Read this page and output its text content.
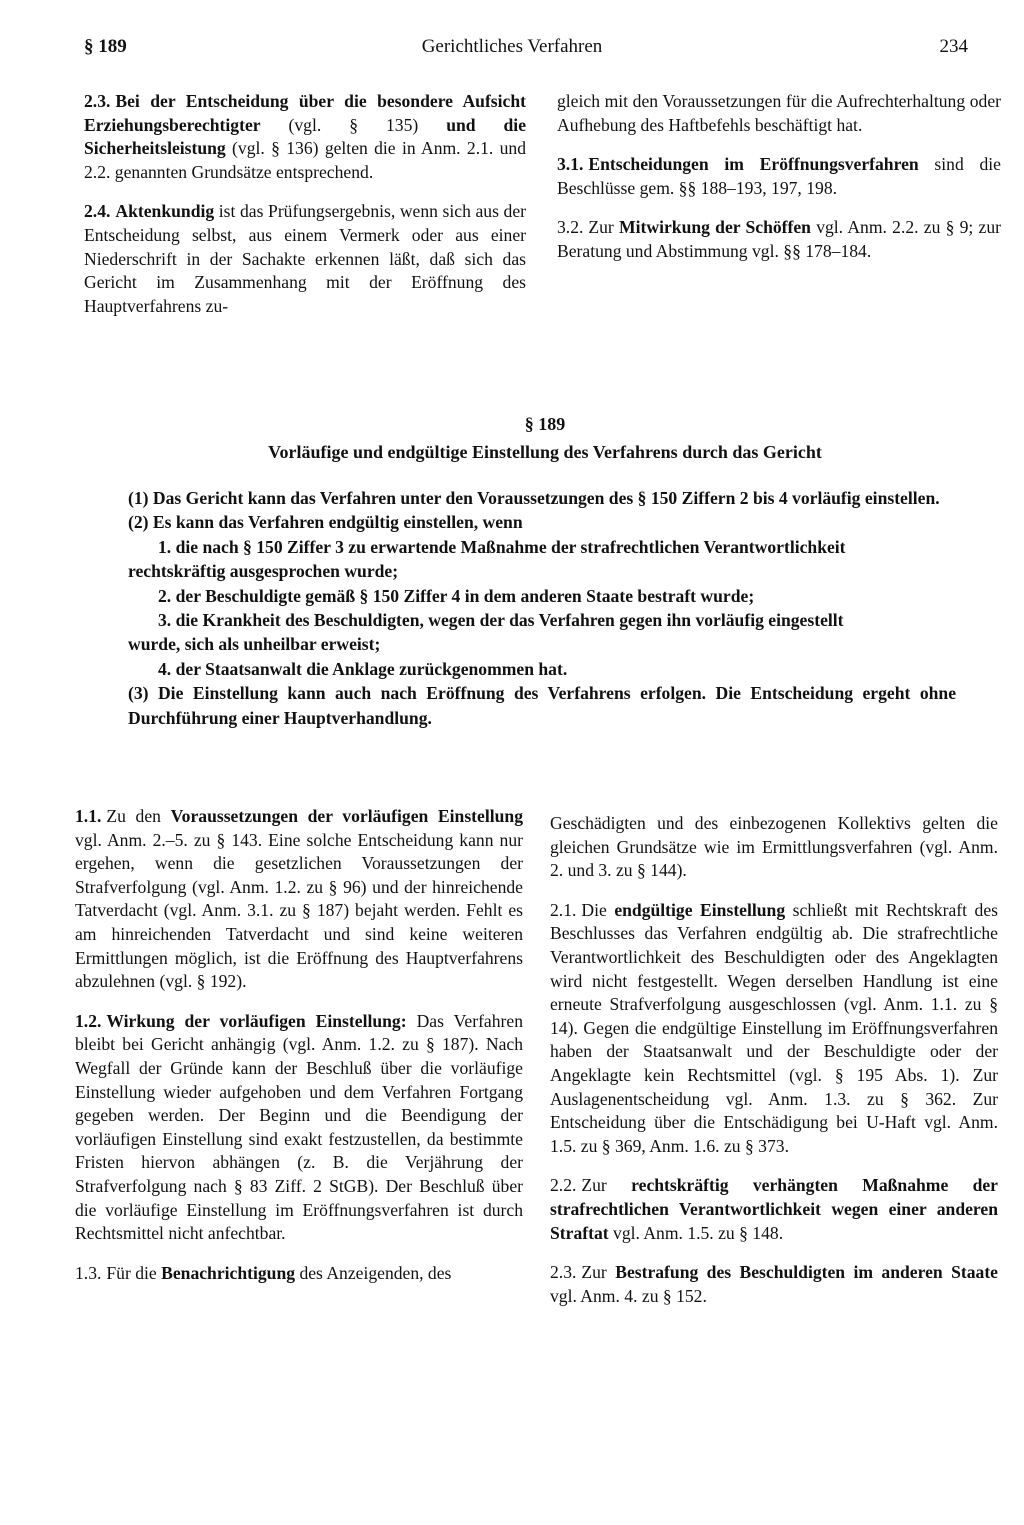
§ 189	Gerichtliches Verfahren	234

2.3. Bei der Entscheidung über die besondere Aufsicht Erziehungsberechtigter (vgl. § 135) und die Sicherheitsleistung (vgl. § 136) gelten die in Anm. 2.1. und 2.2. genannten Grundsätze entsprechend.

2.4. Aktenkundig ist das Prüfungsergebnis, wenn sich aus der Entscheidung selbst, aus einem Vermerk oder aus einer Niederschrift in der Sachakte erkennen läßt, daß sich das Gericht im Zusammenhang mit der Eröffnung des Hauptverfahrens zu-

gleich mit den Voraussetzungen für die Aufrechterhaltung oder Aufhebung des Haftbefehls beschäftigt hat.

3.1. Entscheidungen im Eröffnungsverfahren sind die Beschlüsse gem. §§ 188–193, 197, 198.

3.2. Zur Mitwirkung der Schöffen vgl. Anm. 2.2. zu § 9; zur Beratung und Abstimmung vgl. §§ 178–184.

§ 189
Vorläufige und endgültige Einstellung des Verfahrens durch das Gericht

(1) Das Gericht kann das Verfahren unter den Voraussetzungen des § 150 Ziffern 2 bis 4 vorläufig einstellen.

(2) Es kann das Verfahren endgültig einstellen, wenn

1. die nach § 150 Ziffer 3 zu erwartende Maßnahme der strafrechtlichen Verantwortlichkeit

rechtskräftig ausgesprochen wurde;

2. der Beschuldigte gemäß § 150 Ziffer 4 in dem anderen Staate bestraft wurde;

3. die Krankheit des Beschuldigten, wegen der das Verfahren gegen ihn vorläufig eingestellt

wurde, sich als unheilbar erweist;

4. der Staatsanwalt die Anklage zurückgenommen hat.

(3) Die Einstellung kann auch nach Eröffnung des Verfahrens erfolgen. Die Entscheidung ergeht ohne Durchführung einer Hauptverhandlung.

1.1. Zu den Voraussetzungen der vorläufigen Einstellung vgl. Anm. 2.–5. zu § 143. Eine solche Entscheidung kann nur ergehen, wenn die gesetzlichen Voraussetzungen der Strafverfolgung (vgl. Anm. 1.2. zu § 96) und der hinreichende Tatverdacht (vgl. Anm. 3.1. zu § 187) bejaht werden. Fehlt es am hinreichenden Tatverdacht und sind keine weiteren Ermittlungen möglich, ist die Eröffnung des Hauptverfahrens abzulehnen (vgl. § 192).

1.2. Wirkung der vorläufigen Einstellung: Das Verfahren bleibt bei Gericht anhängig (vgl. Anm. 1.2. zu § 187). Nach Wegfall der Gründe kann der Beschluß über die vorläufige Einstellung wieder aufgehoben und dem Verfahren Fortgang gegeben werden. Der Beginn und die Beendigung der vorläufigen Einstellung sind exakt festzustellen, da bestimmte Fristen hiervon abhängen (z. B. die Verjährung der Strafverfolgung nach § 83 Ziff. 2 StGB). Der Beschluß über die vorläufige Einstellung im Eröffnungsverfahren ist durch Rechtsmittel nicht anfechtbar.

1.3. Für die Benachrichtigung des Anzeigenden, des

Geschädigten und des einbezogenen Kollektivs gelten die gleichen Grundsätze wie im Ermittlungsverfahren (vgl. Anm. 2. und 3. zu § 144).

2.1. Die endgültige Einstellung schließt mit Rechtskraft des Beschlusses das Verfahren endgültig ab. Die strafrechtliche Verantwortlichkeit des Beschuldigten oder des Angeklagten wird nicht festgestellt. Wegen derselben Handlung ist eine erneute Strafverfolgung ausgeschlossen (vgl. Anm. 1.1. zu § 14). Gegen die endgültige Einstellung im Eröffnungsverfahren haben der Staatsanwalt und der Beschuldigte oder der Angeklagte kein Rechtsmittel (vgl. § 195 Abs. 1). Zur Auslagenentscheidung vgl. Anm. 1.3. zu § 362. Zur Entscheidung über die Entschädigung bei U-Haft vgl. Anm. 1.5. zu § 369, Anm. 1.6. zu § 373.

2.2. Zur rechtskräftig verhängten Maßnahme der strafrechtlichen Verantwortlichkeit wegen einer anderen Straftat vgl. Anm. 1.5. zu § 148.

2.3. Zur Bestrafung des Beschuldigten im anderen Staate vgl. Anm. 4. zu § 152.
